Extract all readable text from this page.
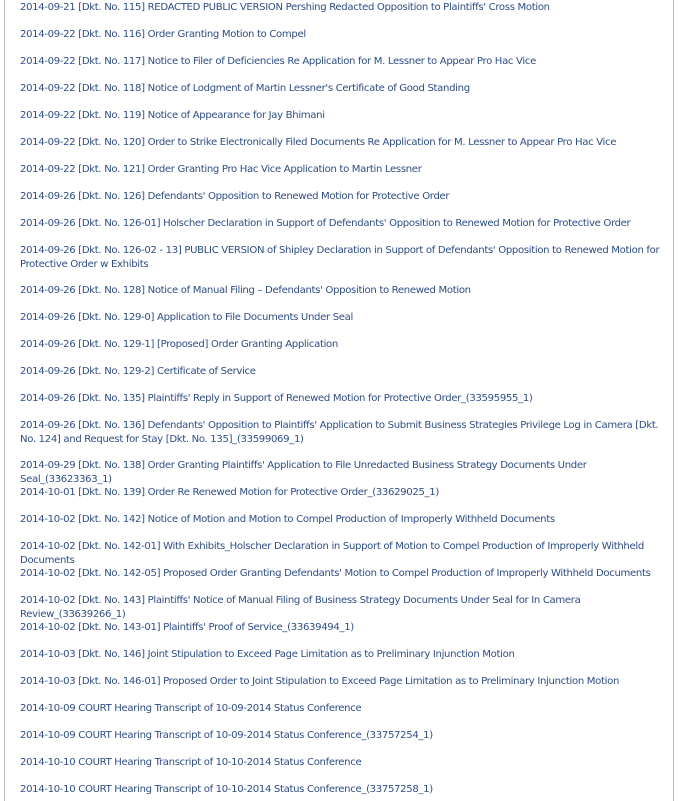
2014-09-21 [Dkt. No. 115] REDACTED PUBLIC VERSION Pershing Redacted Opposition to Plaintiffs' Cross Motion
2014-09-22 [Dkt. No. 116] Order Granting Motion to Compel
2014-09-22 [Dkt. No. 117] Notice to Filer of Deficiencies Re Application for M. Lessner to Appear Pro Hac Vice
2014-09-22 [Dkt. No. 118] Notice of Lodgment of Martin Lessner's Certificate of Good Standing
2014-09-22 [Dkt. No. 119] Notice of Appearance for Jay Bhimani
2014-09-22 [Dkt. No. 120] Order to Strike Electronically Filed Documents Re Application for M. Lessner to Appear Pro Hac Vice
2014-09-22 [Dkt. No. 121] Order Granting Pro Hac Vice Application to Martin Lessner
2014-09-26 [Dkt. No. 126] Defendants' Opposition to Renewed Motion for Protective Order
2014-09-26 [Dkt. No. 126-01] Holscher Declaration in Support of Defendants' Opposition to Renewed Motion for Protective Order
2014-09-26 [Dkt. No. 126-02 - 13] PUBLIC VERSION of Shipley Declaration in Support of Defendants' Opposition to Renewed Motion for Protective Order w Exhibits
2014-09-26 [Dkt. No. 128] Notice of Manual Filing – Defendants' Opposition to Renewed Motion
2014-09-26 [Dkt. No. 129-0] Application to File Documents Under Seal
2014-09-26 [Dkt. No. 129-1] [Proposed] Order Granting Application
2014-09-26 [Dkt. No. 129-2] Certificate of Service
2014-09-26 [Dkt. No. 135] Plaintiffs' Reply in Support of Renewed Motion for Protective Order_(33595955_1)
2014-09-26 [Dkt. No. 136] Defendants' Opposition to Plaintiffs' Application to Submit Business Strategies Privilege Log in Camera [Dkt. No. 124] and Request for Stay [Dkt. No. 135]_(33599069_1)
2014-09-29 [Dkt. No. 138] Order Granting Plaintiffs' Application to File Unredacted Business Strategy Documents Under Seal_(33623363_1)
2014-10-01 [Dkt. No. 139] Order Re Renewed Motion for Protective Order_(33629025_1)
2014-10-02 [Dkt. No. 142] Notice of Motion and Motion to Compel Production of Improperly Withheld Documents
2014-10-02 [Dkt. No. 142-01] With Exhibits_Holscher Declaration in Support of Motion to Compel Production of Improperly Withheld Documents
2014-10-02 [Dkt. No. 142-05] Proposed Order Granting Defendants' Motion to Compel Production of Improperly Withheld Documents
2014-10-02 [Dkt. No. 143] Plaintiffs' Notice of Manual Filing of Business Strategy Documents Under Seal for In Camera Review_(33639266_1)
2014-10-02 [Dkt. No. 143-01] Plaintiffs' Proof of Service_(33639494_1)
2014-10-03 [Dkt. No. 146] Joint Stipulation to Exceed Page Limitation as to Preliminary Injunction Motion
2014-10-03 [Dkt. No. 146-01] Proposed Order to Joint Stipulation to Exceed Page Limitation as to Preliminary Injunction Motion
2014-10-09 COURT Hearing Transcript of 10-09-2014 Status Conference
2014-10-09 COURT Hearing Transcript of 10-09-2014 Status Conference_(33757254_1)
2014-10-10 COURT Hearing Transcript of 10-10-2014 Status Conference
2014-10-10 COURT Hearing Transcript of 10-10-2014 Status Conference_(33757258_1)
